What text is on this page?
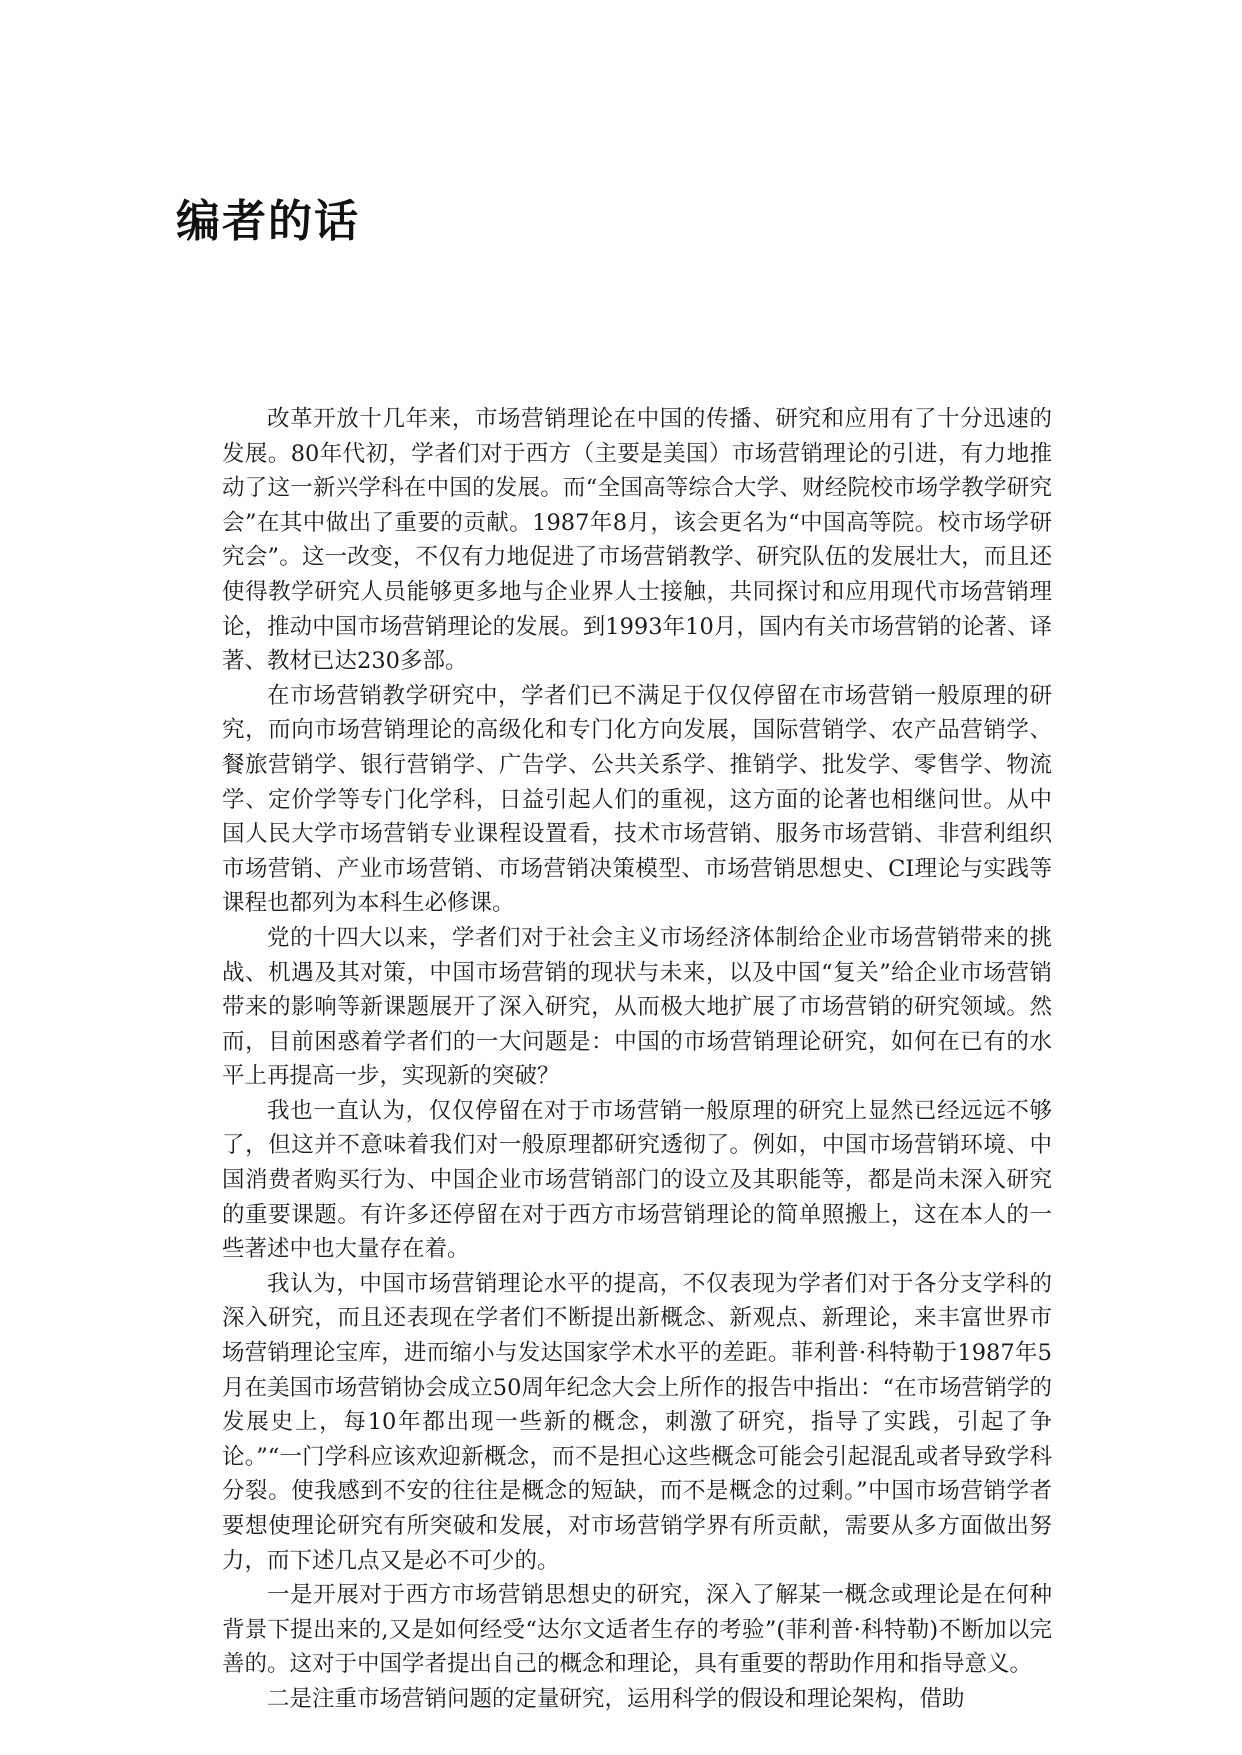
编者的话

改革开放十几年来，市场营销理论在中国的传播、研究和应用有了十分迅速的发展。80年代初，学者们对于西方（主要是美国）市场营销理论的引进，有力地推动了这一新兴学科在中国的发展。而“全国高等综合大学、财经院校市场学教学研究会”在其中做出了重要的贡献。1987年8月，该会更名为“中国高等院。校市场学研究会”。这一改变，不仅有力地促进了市场营销教学、研究队伍的发展壮大，而且还使得教学研究人员能够更多地与企业界人士接触，共同探讨和应用现代市场营销理论，推动中国市场营销理论的发展。到1993年10月，国内有关市场营销的论著、译著、教材已达230多部。

在市场营销教学研究中，学者们已不满足于仅仅停留在市场营销一般原理的研究，而向市场营销理论的高级化和专门化方向发展，国际营销学、农产品营销学、餐旅营销学、银行营销学、广告学、公共关系学、推销学、批发学、零售学、物流学、定价学等专门化学科，日益引起人们的重视，这方面的论著也相继问世。从中国人民大学市场营销专业课程设置看，技术市场营销、服务市场营销、非营利组织市场营销、产业市场营销、市场营销决策模型、市场营销思想史、CI理论与实践等课程也都列为本科生必修课。

党的十四大以来，学者们对于社会主义市场经济体制给企业市场营销带来的挑战、机遇及其对策，中国市场营销的现状与未来，以及中国“复关”给企业市场营销带来的影响等新课题展开了深入研究，从而极大地扩展了市场营销的研究领域。然而，目前困惑着学者们的一大问题是：中国的市场营销理论研究，如何在已有的水平上再提高一步，实现新的突破？

我也一直认为，仅仅停留在对于市场营销一般原理的研究上显然已经远远不够了，但这并不意味着我们对一般原理都研究透彻了。例如，中国市场营销环境、中国消费者购买行为、中国企业市场营销部门的设立及其职能等，都是尚未深入研究的重要课题。有许多还停留在对于西方市场营销理论的简单照搬上，这在本人的一些著述中也大量存在着。

我认为，中国市场营销理论水平的提高，不仅表现为学者们对于各分支学科的深入研究，而且还表现在学者们不断提出新概念、新观点、新理论，来丰富世界市场营销理论宝库，进而缩小与发达国家学术水平的差距。菲利普·科特勒于1987年5月在美国市场营销协会成立50周年纪念大会上所作的报告中指出：“在市场营销学的发展史上，每10年都出现一些新的概念，刺激了研究，指导了实践，引起了争论。”“一门学科应该欢迎新概念，而不是担心这些概念可能会引起混乱或者导致学科分裂。使我感到不安的往往是概念的短缺，而不是概念的过剩。”中国市场营销学者要想使理论研究有所突破和发展，对市场营销学界有所贡献，需要从多方面做出努力，而下述几点又是必不可少的。

一是开展对于西方市场营销思想史的研究，深入了解某一概念或理论是在何种背景下提出来的,又是如何经受“达尔文适者生存的考验”(菲利普·科特勒)不断加以完善的。这对于中国学者提出自己的概念和理论，具有重要的帮助作用和指导意义。

二是注重市场营销问题的定量研究，运用科学的假设和理论架构，借助
